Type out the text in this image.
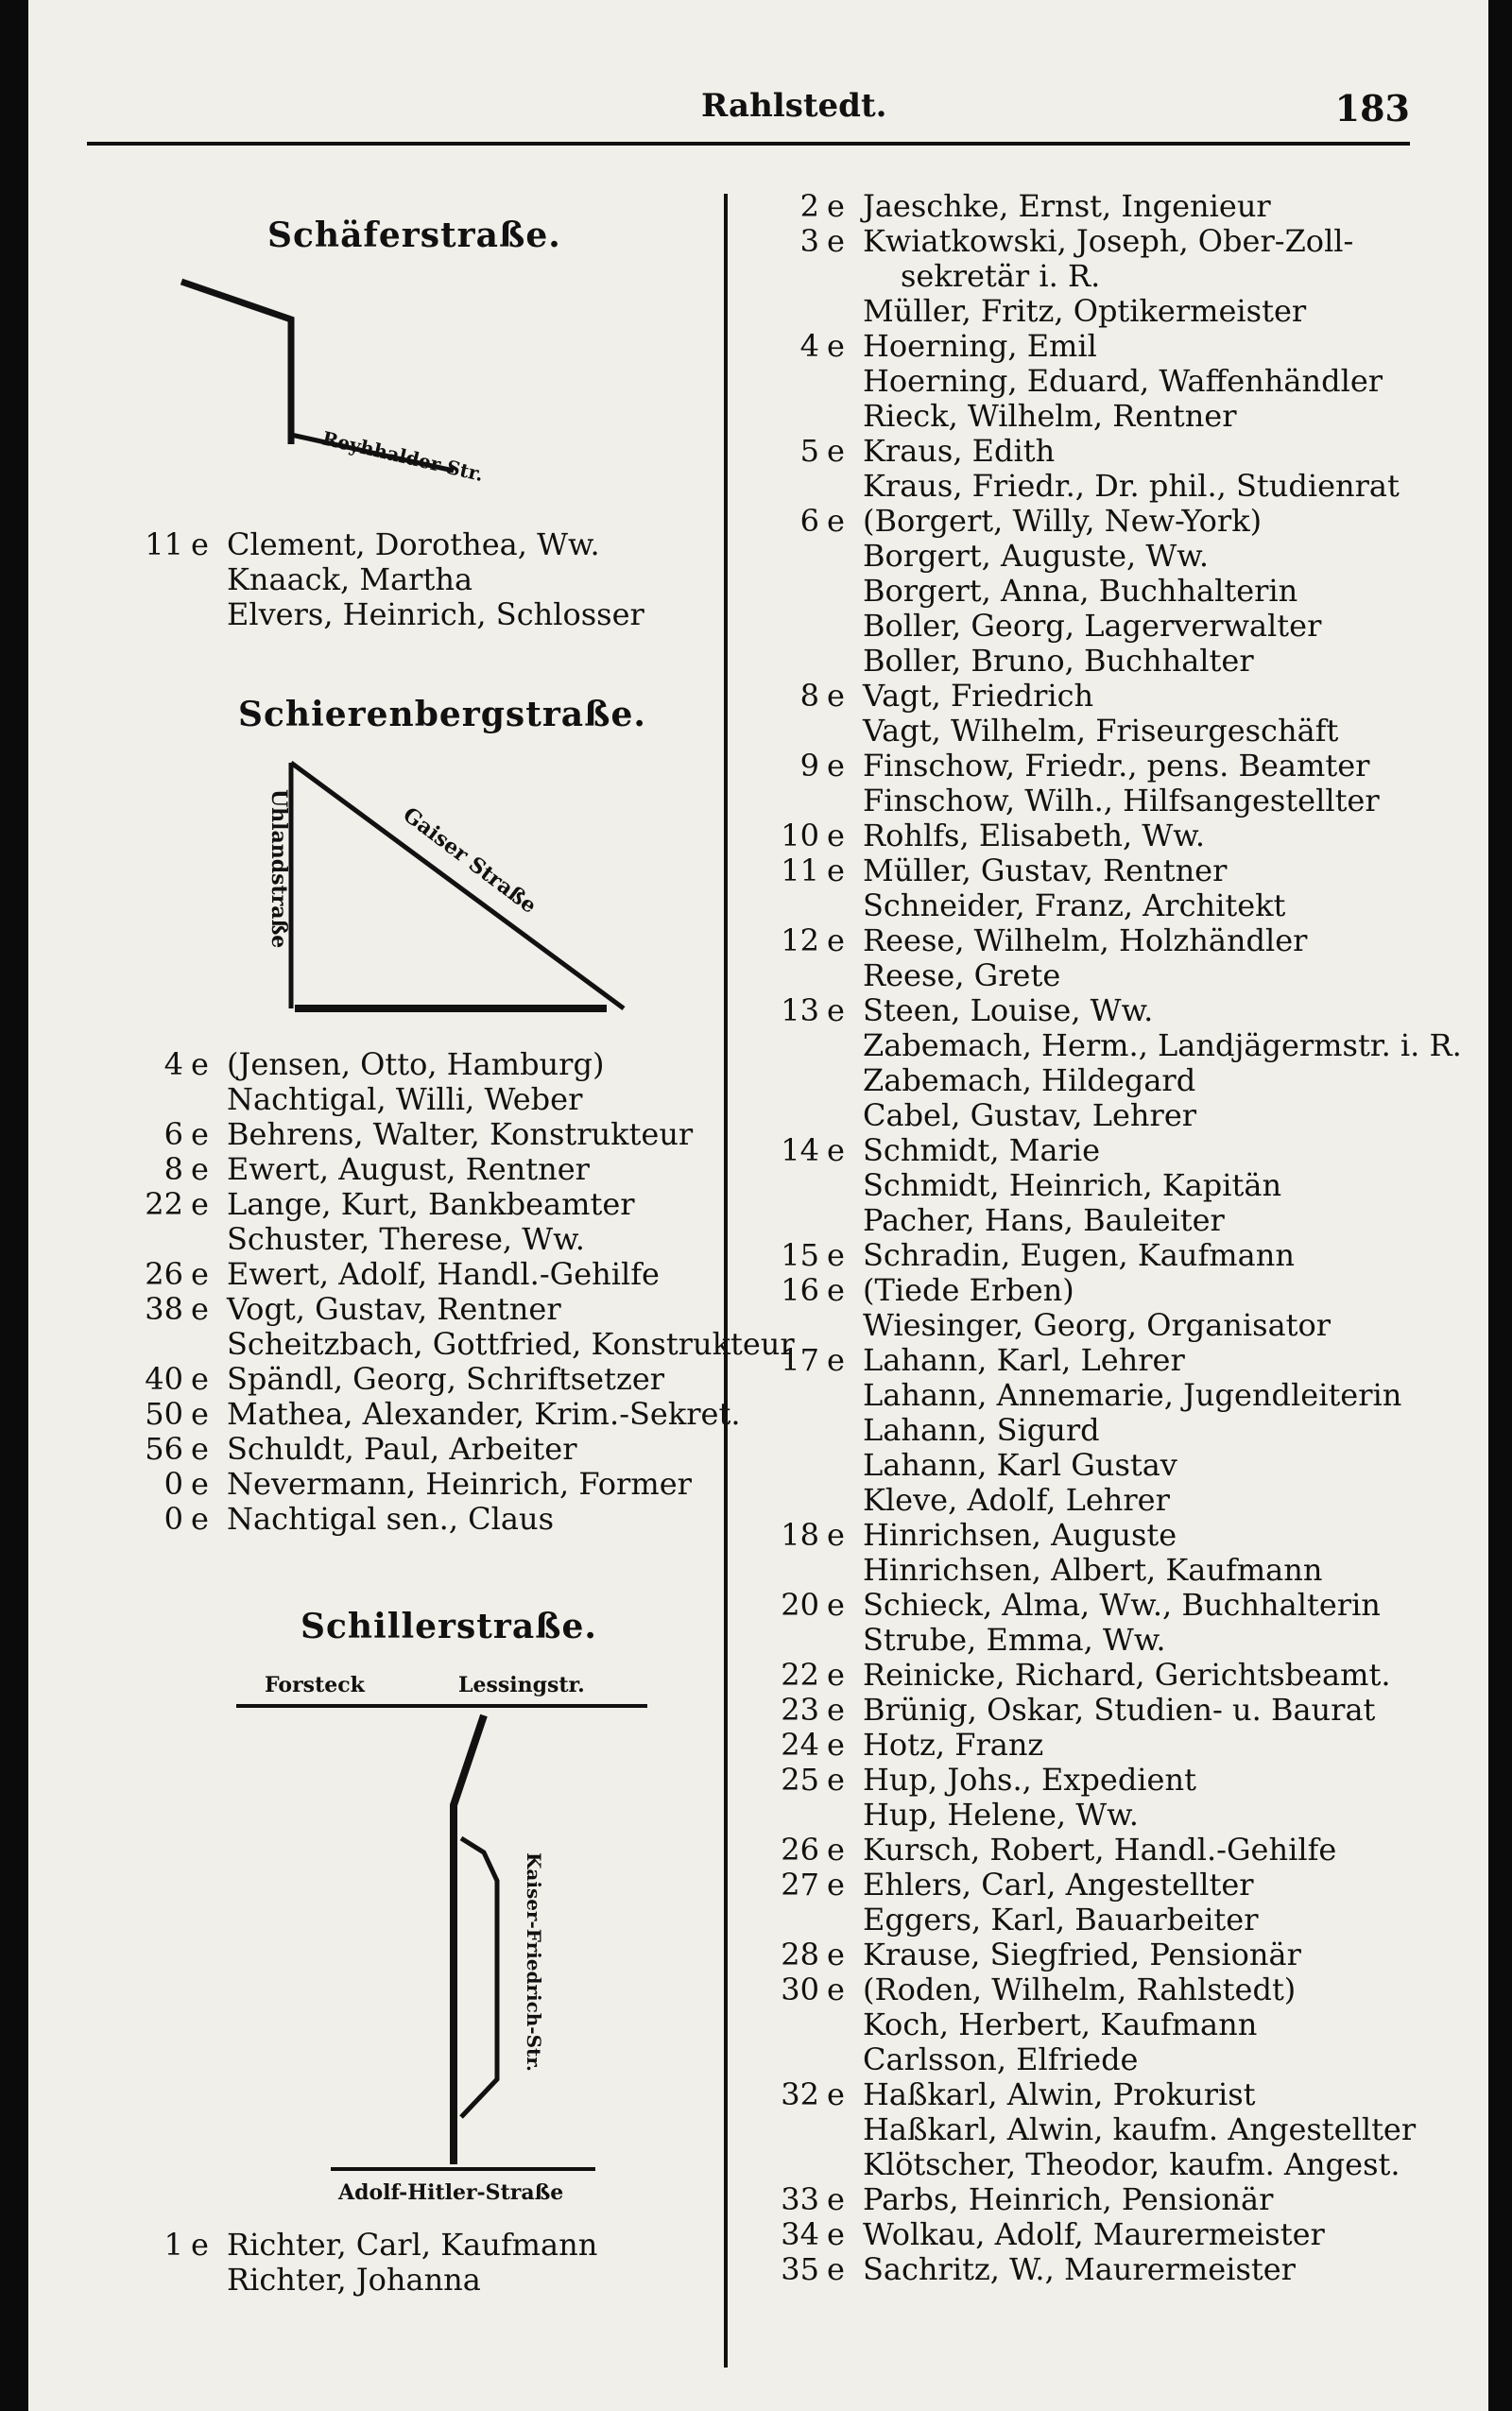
Rahlstedt.	183
Schäferstraße.
Reyhhalder Str.
11 e Clement, Dorothea, Ww.
Knaack, Martha
Elvers, Heinrich, Schlosser
Schierenbergstraße.
Uhlandstraße	Gaiser Straße
4 e (Jensen, Otto, Hamburg)
Nachtigal, Willi, Weber
6 e Behrens, Walter, Konstrukteur
8 e Ewert, August, Rentner
22 e Lange, Kurt, Bankbeamter
Schuster, Therese, Ww.
26 e Ewert, Adolf, Handl.-Gehilfe
38 e Vogt, Gustav, Rentner
Scheitzbach, Gottfried, Konstrukteur
40 e Spändl, Georg, Schriftsetzer
50 e Mathea, Alexander, Krim.-Sekret.
56 e Schuldt, Paul, Arbeiter
0 e Nevermann, Heinrich, Former
0 e Nachtigal sen., Claus
Schillerstraße.
Forsteck	Lessingstr.
Kaiser-Friedrich-Str.
Adolf-Hitler-Straße
1 e Richter, Carl, Kaufmann
Richter, Johanna
2 e Jaeschke, Ernst, Ingenieur
3 e Kwiatkowski, Joseph, Ober-Zoll-
sekretär i. R.
Müller, Fritz, Optikermeister
4 e Hoerning, Emil
Hoerning, Eduard, Waffenhändler
Rieck, Wilhelm, Rentner
5 e Kraus, Edith
Kraus, Friedr., Dr. phil., Studienrat
6 e (Borgert, Willy, New-York)
Borgert, Auguste, Ww.
Borgert, Anna, Buchhalterin
Boller, Georg, Lagerverwalter
Boller, Bruno, Buchhalter
8 e Vagt, Friedrich
Vagt, Wilhelm, Friseurgeschäft
9 e Finschow, Friedr., pens. Beamter
Finschow, Wilh., Hilfsangestellter
10 e Rohlfs, Elisabeth, Ww.
11 e Müller, Gustav, Rentner
Schneider, Franz, Architekt
12 e Reese, Wilhelm, Holzhändler
Reese, Grete
13 e Steen, Louise, Ww.
Zabemach, Herm., Landjägermstr. i. R.
Zabemach, Hildegard
Cabel, Gustav, Lehrer
14 e Schmidt, Marie
Schmidt, Heinrich, Kapitän
Pacher, Hans, Bauleiter
15 e Schradin, Eugen, Kaufmann
16 e (Tiede Erben)
Wiesinger, Georg, Organisator
17 e Lahann, Karl, Lehrer
Lahann, Annemarie, Jugendleiterin
Lahann, Sigurd
Lahann, Karl Gustav
Kleve, Adolf, Lehrer
18 e Hinrichsen, Auguste
Hinrichsen, Albert, Kaufmann
20 e Schieck, Alma, Ww., Buchhalterin
Strube, Emma, Ww.
22 e Reinicke, Richard, Gerichtsbeamt.
23 e Brünig, Oskar, Studien- u. Baurat
24 e Hotz, Franz
25 e Hup, Johs., Expedient
Hup, Helene, Ww.
26 e Kursch, Robert, Handl.-Gehilfe
27 e Ehlers, Carl, Angestellter
Eggers, Karl, Bauarbeiter
28 e Krause, Siegfried, Pensionär
30 e (Roden, Wilhelm, Rahlstedt)
Koch, Herbert, Kaufmann
Carlsson, Elfriede
32 e Haßkarl, Alwin, Prokurist
Haßkarl, Alwin, kaufm. Angestellter
Klötscher, Theodor, kaufm. Angest.
33 e Parbs, Heinrich, Pensionär
34 e Wolkau, Adolf, Maurermeister
35 e Sachritz, W., Maurermeister
